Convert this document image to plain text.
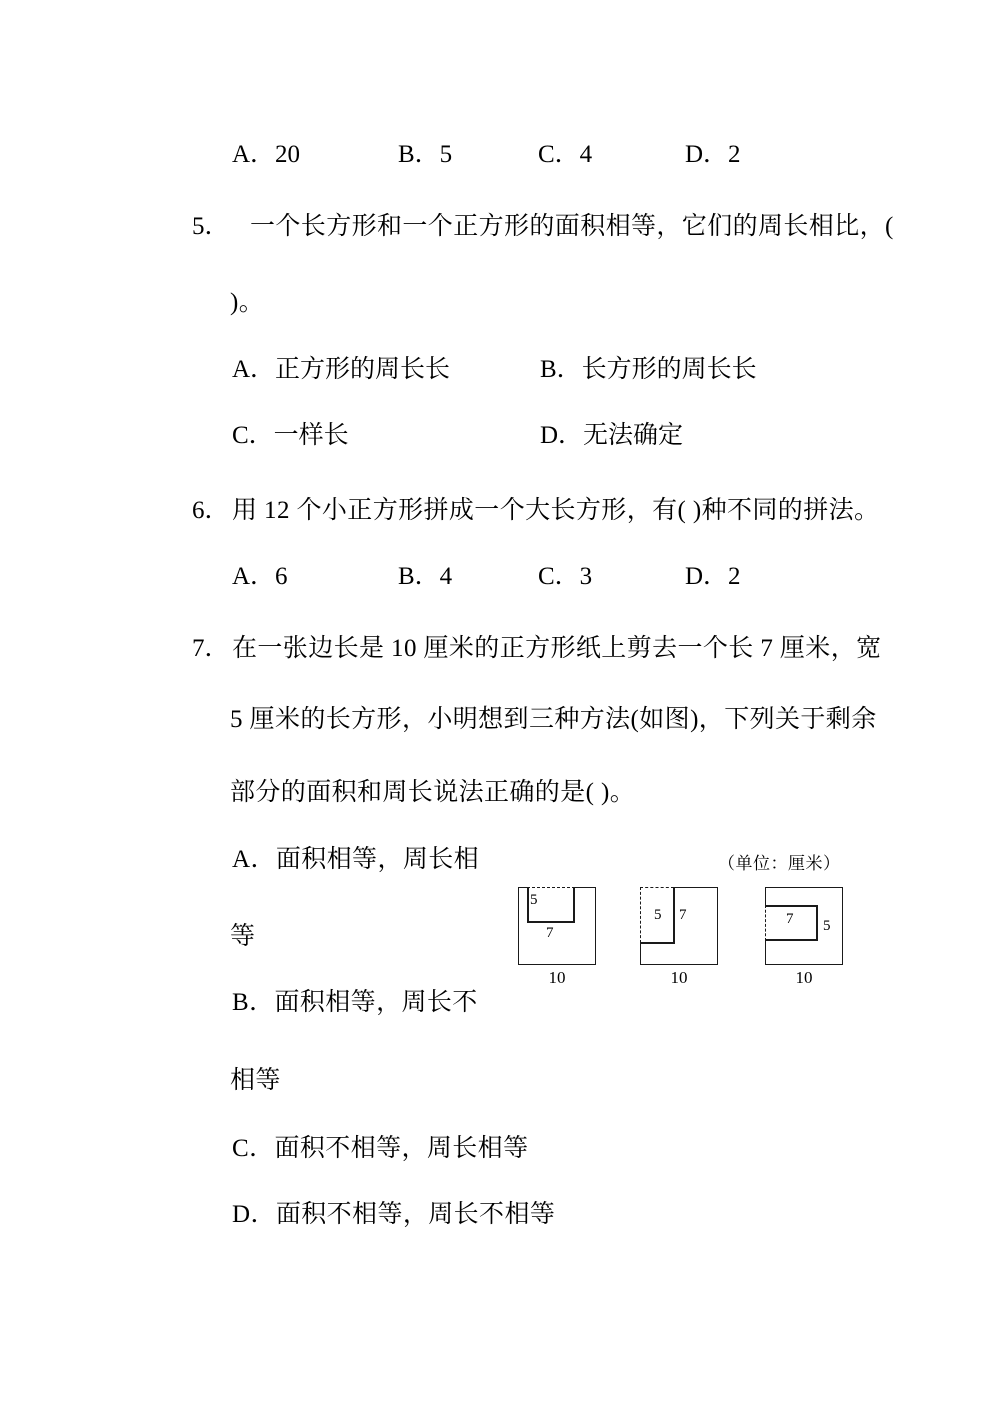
A．20	B．5	C．4	D．2
5． 一个长方形和一个正方形的面积相等，它们的周长相比，(
)。
A．正方形的周长长	B．长方形的周长长
C．一样长	D．无法确定
6． 用 12 个小正方形拼成一个大长方形，有( )种不同的拼法。
A．6	B．4	C．3	D．2
7． 在一张边长是 10 厘米的正方形纸上剪去一个长 7 厘米，宽
5 厘米的长方形，小明想到三种方法(如图)，下列关于剩余
部分的面积和周长说法正确的是( )。
A．面积相等，周长相
等
B．面积相等，周长不
相等
C．面积不相等，周长相等
D．面积不相等，周长不相等
（单位：厘米）
5
7
10
5 7
10
7 5
10
